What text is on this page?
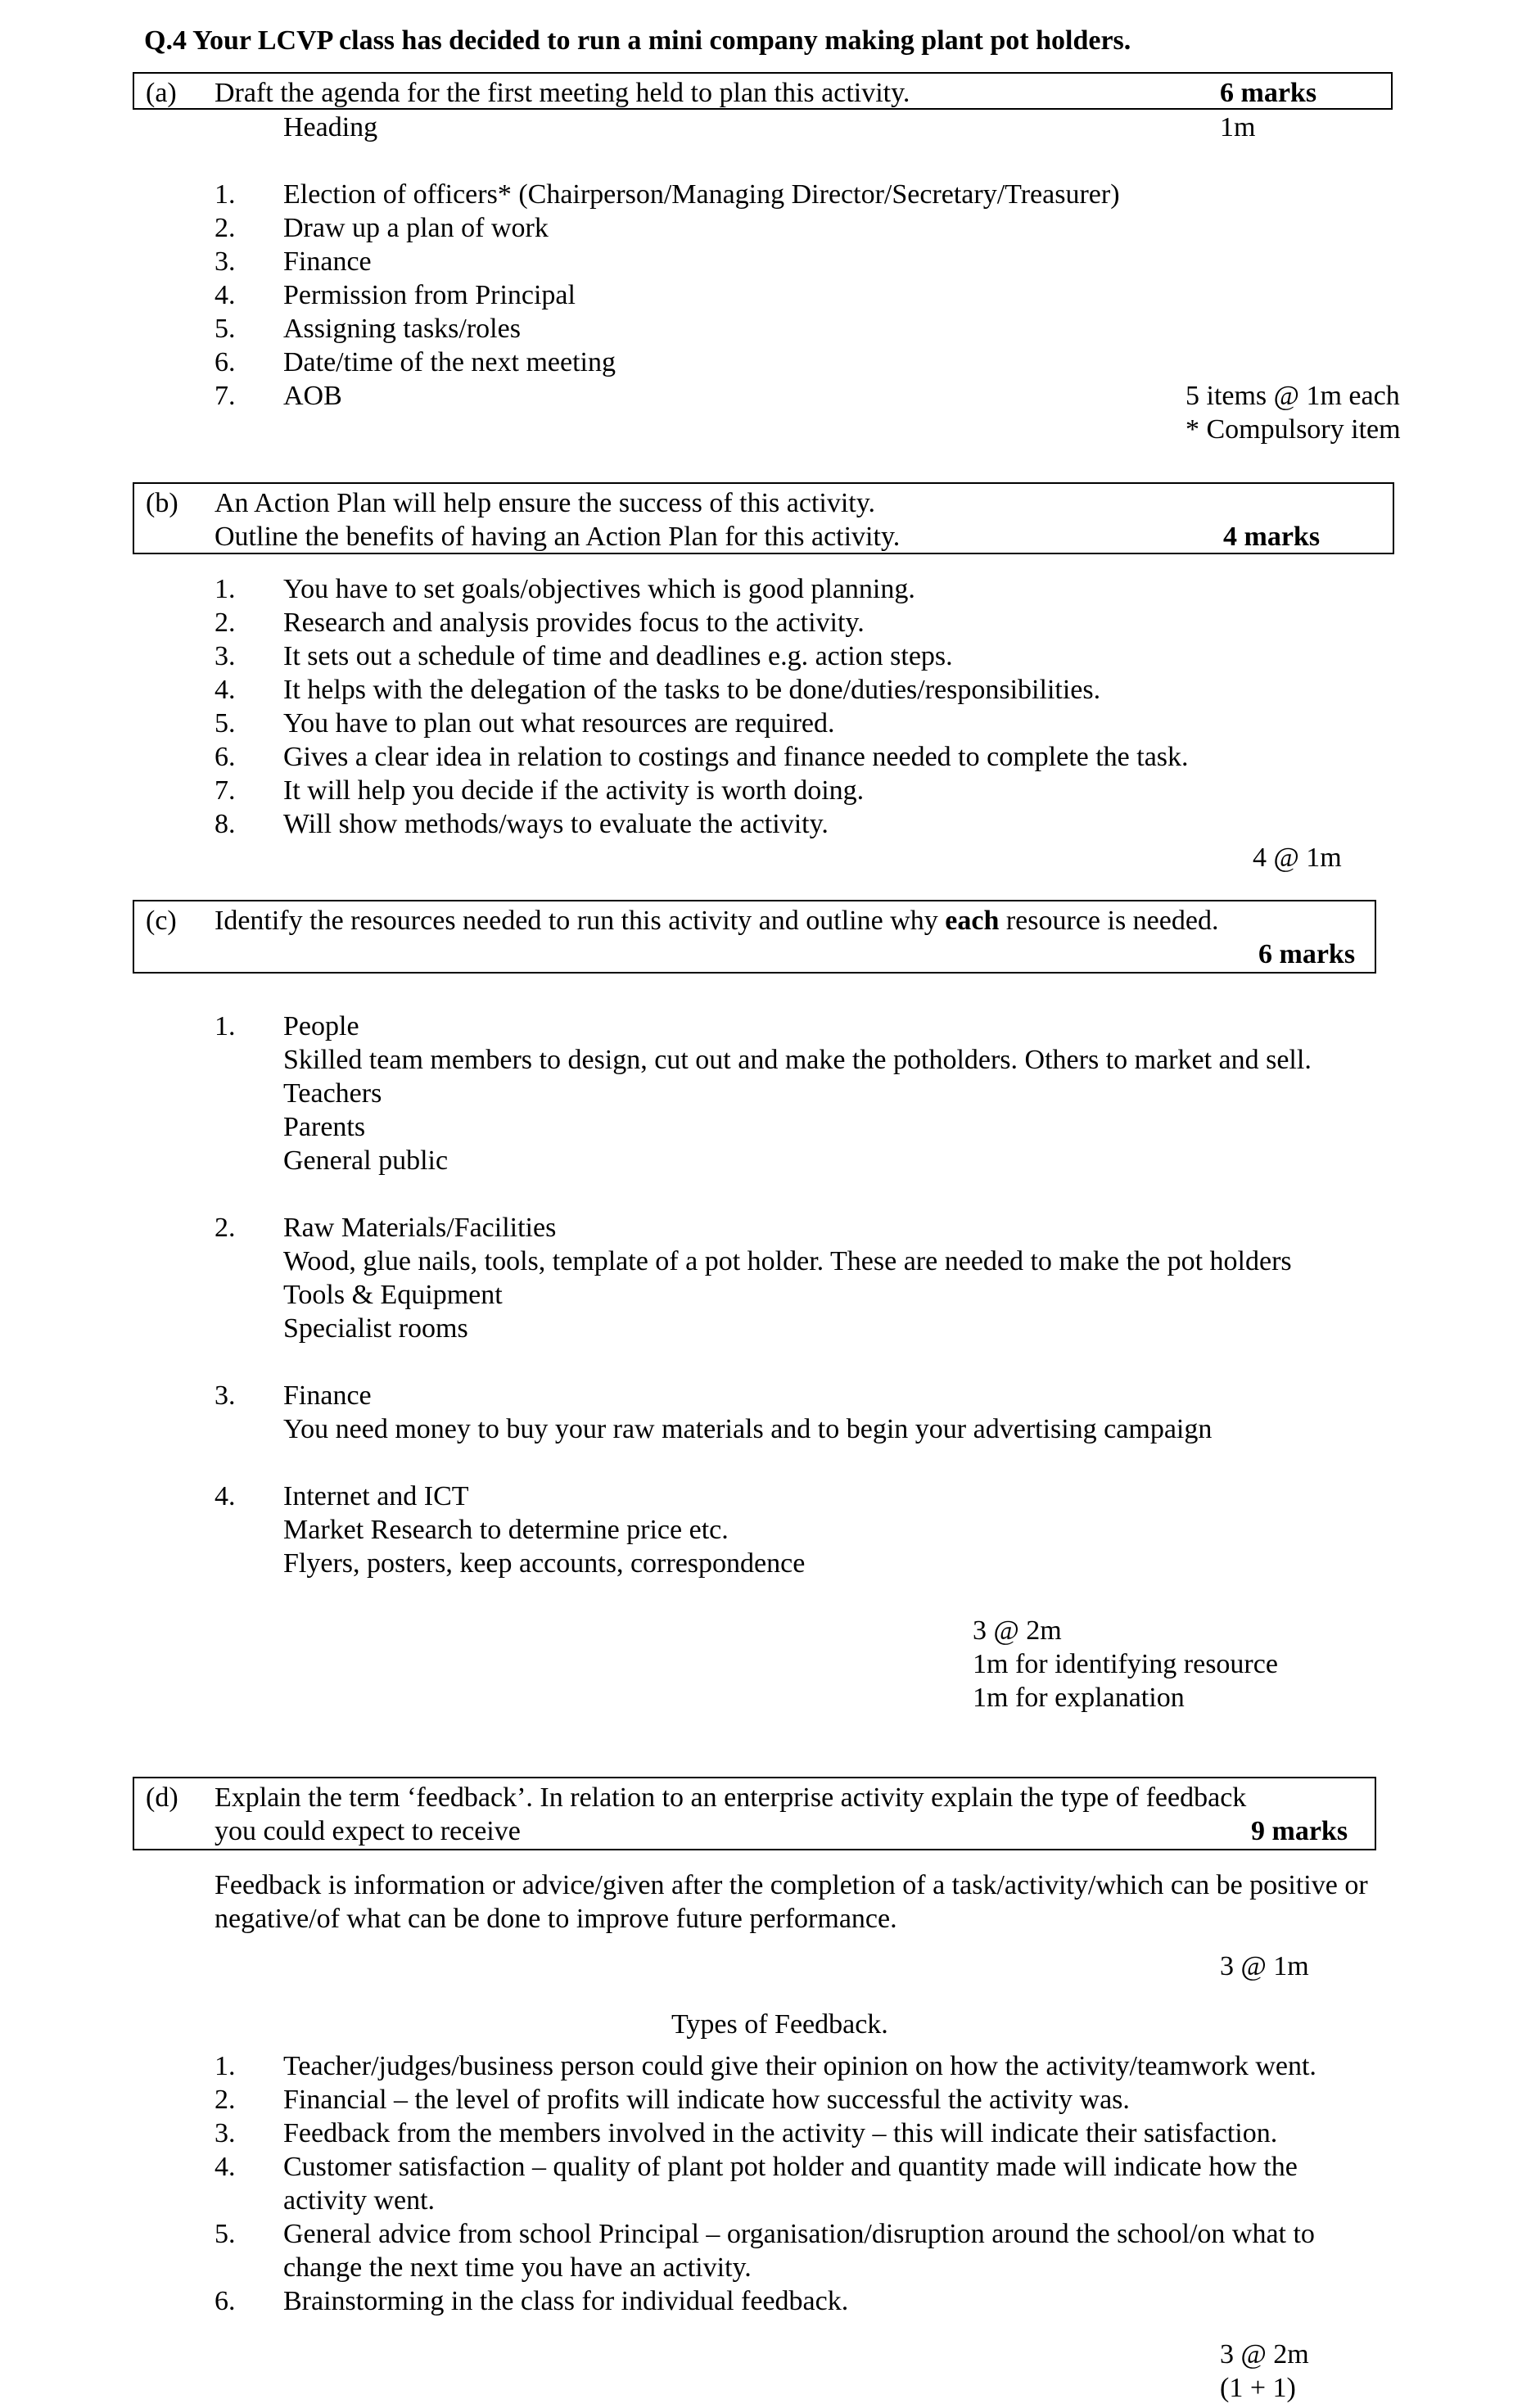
Q.4 Your LCVP class has decided to run a mini company making plant pot holders.
(a) Draft the agenda for the first meeting held to plan this activity.	6 marks
Heading	1m
1. Election of officers* (Chairperson/Managing Director/Secretary/Treasurer)
2. Draw up a plan of work
3. Finance
4. Permission from Principal
5. Assigning tasks/roles
6. Date/time of the next meeting
7. AOB	5 items @ 1m each
* Compulsory item
(b) An Action Plan will help ensure the success of this activity.
Outline the benefits of having an Action Plan for this activity.	4 marks
1. You have to set goals/objectives which is good planning.
2. Research and analysis provides focus to the activity.
3. It sets out a schedule of time and deadlines e.g. action steps.
4. It helps with the delegation of the tasks to be done/duties/responsibilities.
5. You have to plan out what resources are required.
6. Gives a clear idea in relation to costings and finance needed to complete the task.
7. It will help you decide if the activity is worth doing.
8. Will show methods/ways to evaluate the activity.
4 @ 1m
(c) Identify the resources needed to run this activity and outline why each resource is needed.
6 marks
1. People
Skilled team members to design, cut out and make the potholders. Others to market and sell.
Teachers
Parents
General public
2. Raw Materials/Facilities
Wood, glue nails, tools, template of a pot holder. These are needed to make the pot holders
Tools & Equipment
Specialist rooms
3. Finance
You need money to buy your raw materials and to begin your advertising campaign
4. Internet and ICT
Market Research to determine price etc.
Flyers, posters, keep accounts, correspondence
3 @ 2m
1m for identifying resource
1m for explanation
(d) Explain the term ‘feedback’. In relation to an enterprise activity explain the type of feedback
you could expect to receive	9 marks
Feedback is information or advice/given after the completion of a task/activity/which can be positive or
negative/of what can be done to improve future performance.
3 @ 1m
Types of Feedback.
1. Teacher/judges/business person could give their opinion on how the activity/teamwork went.
2. Financial – the level of profits will indicate how successful the activity was.
3. Feedback from the members involved in the activity – this will indicate their satisfaction.
4. Customer satisfaction – quality of plant pot holder and quantity made will indicate how the
activity went.
5. General advice from school Principal – organisation/disruption around the school/on what to
change the next time you have an activity.
6. Brainstorming in the class for individual feedback.
3 @ 2m
(1 + 1)
